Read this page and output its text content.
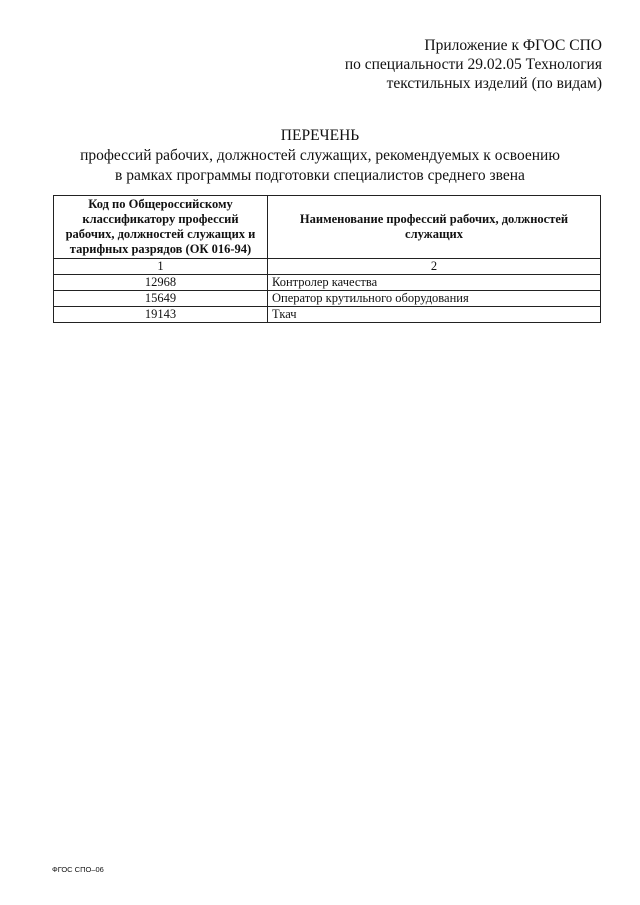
Приложение к ФГОС СПО
по специальности 29.02.05 Технология
текстильных изделий (по видам)
ПЕРЕЧЕНЬ
профессий рабочих, должностей служащих, рекомендуемых к освоению
в рамках программы подготовки специалистов среднего звена
Код по Общероссийскому классификатору профессий рабочих, должностей служащих и тарифных разрядов (ОК 016-94)	Наименование профессий рабочих, должностей служащих
1	2
12968	Контролер качества
15649	Оператор крутильного оборудования
19143	Ткач
ФГОС СПО–06
